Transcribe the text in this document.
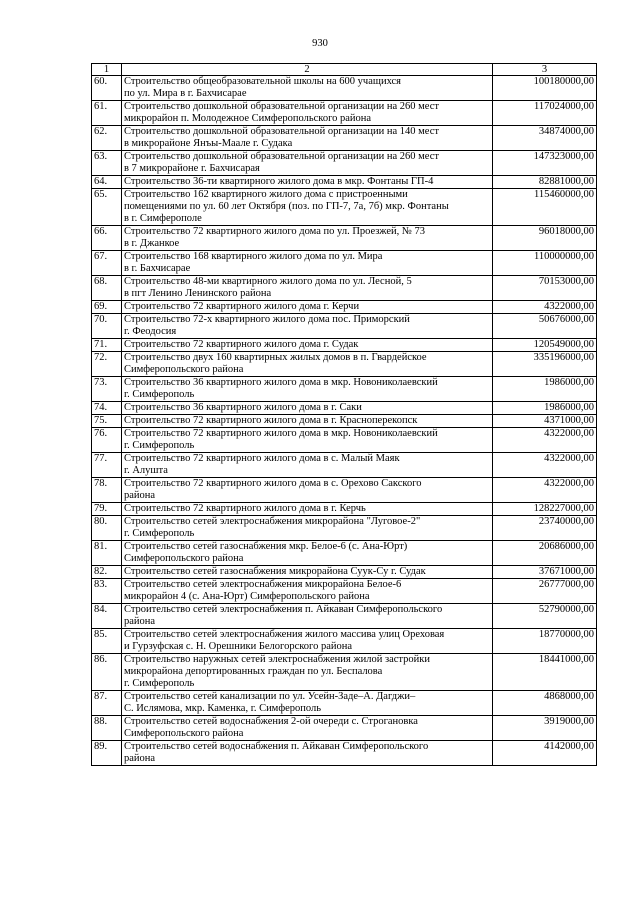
930
1	2	3
60.	Строительство общеобразовательной школы на 600 учащихся
по ул. Мира в г. Бахчисарае	100180000,00
61.	Строительство дошкольной образовательной организации на 260 мест
микрорайон п. Молодежное Симферопольского района	117024000,00
62.	Строительство дошкольной образовательной организации на 140 мест
в микрорайоне Янъы-Маале г. Судака	34874000,00
63.	Строительство дошкольной образовательной организации на 260 мест
в 7 микрорайоне г. Бахчисарая	147323000,00
64.	Строительство 36-ти квартирного жилого дома в мкр. Фонтаны ГП-4	82881000,00
65.	Строительство 162 квартирного жилого дома с пристроенными
помещениями по ул. 60 лет Октября (поз. по ГП-7, 7а, 7б) мкр. Фонтаны
в г. Симферополе	115460000,00
66.	Строительство 72 квартирного жилого дома по ул. Проезжей, № 73
в г. Джанкое	96018000,00
67.	Строительство 168 квартирного жилого дома по ул. Мира
в г. Бахчисарае	110000000,00
68.	Строительство 48-ми квартирного жилого дома по ул. Лесной, 5
в пгт Ленино Ленинского района	70153000,00
69.	Строительство 72 квартирного жилого дома г. Керчи	4322000,00
70.	Строительство 72-х квартирного жилого дома пос. Приморский
г. Феодосия	50676000,00
71.	Строительство 72 квартирного жилого дома г. Судак	120549000,00
72.	Строительство двух 160 квартирных жилых домов в п. Гвардейское
Симферопольского района	335196000,00
73.	Строительство 36 квартирного жилого дома в мкр. Новониколаевский
г. Симферополь	1986000,00
74.	Строительство 36 квартирного жилого дома в г. Саки	1986000,00
75.	Строительство 72 квартирного жилого дома в г. Красноперекопск	4371000,00
76.	Строительство 72 квартирного жилого дома в мкр. Новониколаевский
г. Симферополь	4322000,00
77.	Строительство 72 квартирного жилого дома в с. Малый Маяк
г. Алушта	4322000,00
78.	Строительство 72 квартирного жилого дома в с. Орехово Сакского
района	4322000,00
79.	Строительство 72 квартирного жилого дома в г. Керчь	128227000,00
80.	Строительство сетей электроснабжения микрорайона "Луговое-2"
г. Симферополь	23740000,00
81.	Строительство сетей газоснабжения мкр. Белое-6 (с. Ана-Юрт)
Симферопольского района	20686000,00
82.	Строительство сетей газоснабжения микрорайона Суук-Су г. Судак	37671000,00
83.	Строительство сетей электроснабжения микрорайона Белое-6
микрорайон 4 (с. Ана-Юрт) Симферопольского района	26777000,00
84.	Строительство сетей электроснабжения п. Айкаван Симферопольского
района	52790000,00
85.	Строительство сетей электроснабжения жилого массива улиц Ореховая
и Гурзуфская с. Н. Орешники Белогорского района	18770000,00
86.	Строительство наружных сетей электроснабжения жилой застройки
микрорайона депортированных граждан по ул. Беспалова
г. Симферополь	18441000,00
87.	Строительство сетей канализации по ул. Усейн-Заде–А. Дагджи–
С. Ислямова, мкр. Каменка, г. Симферополь	4868000,00
88.	Строительство сетей водоснабжения 2-ой очереди с. Строгановка
Симферопольского района	3919000,00
89.	Строительство сетей водоснабжения п. Айкаван Симферопольского
района	4142000,00
